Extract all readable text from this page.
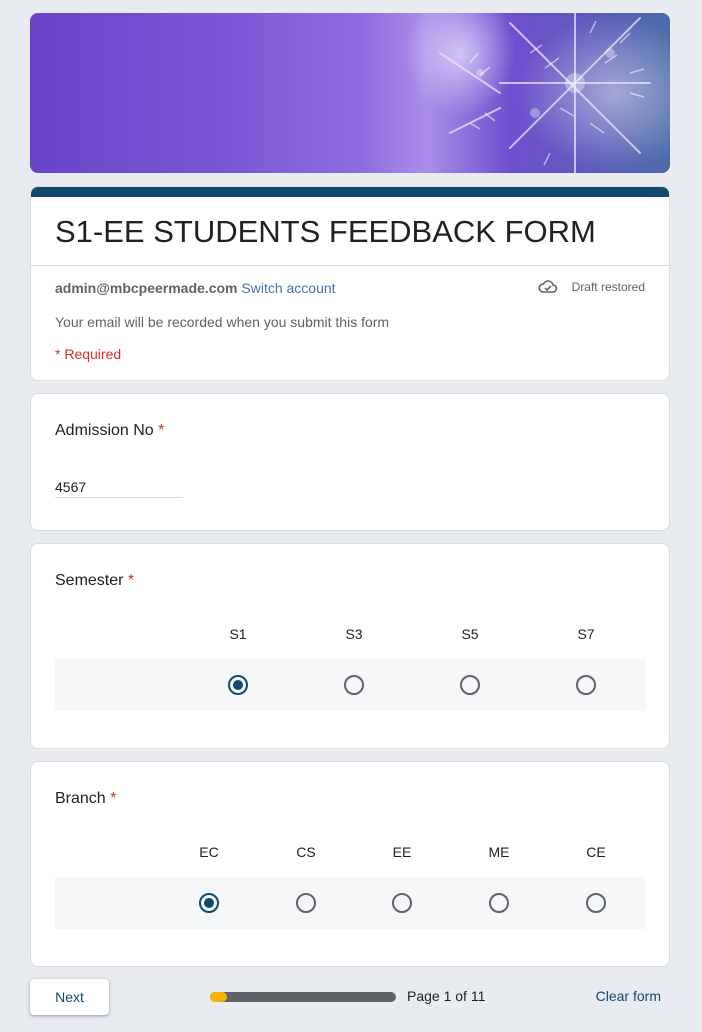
S1-EE STUDENTS FEEDBACK FORM
admin@mbcpeermade.com Switch account	Draft restored
Your email will be recorded when you submit this form
* Required
Admission No *
4567
Semester *
S1	S3	S5	S7
Branch *
EC	CS	EE	ME	CE
Next	Page 1 of 11	Clear form
